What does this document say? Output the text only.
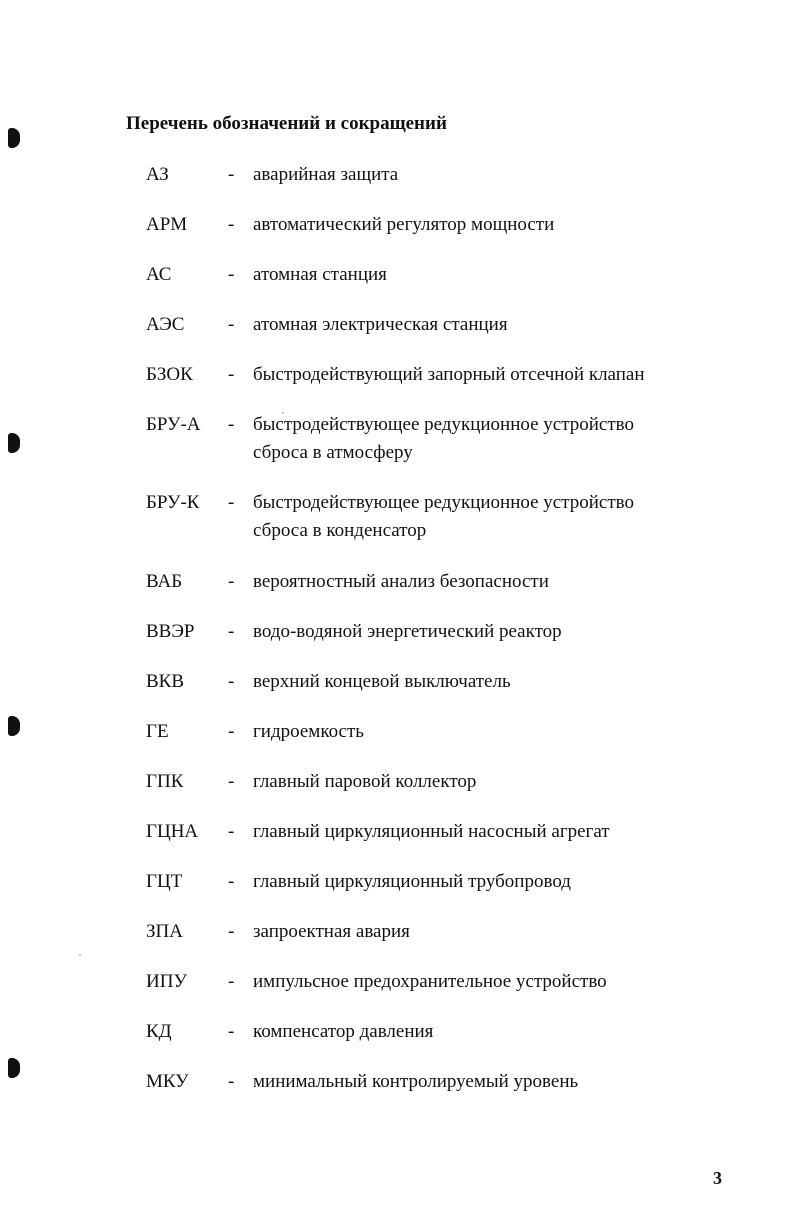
Перечень обозначений и сокращений
АЗ	- аварийная защита
АРМ - автоматический регулятор мощности
АС	- атомная станция
АЭС - атомная электрическая станция
БЗОК - быстродействующий запорный отсечной клапан
БРУ-А - быстродействующее редукционное устройство
сброса в атмосферу
БРУ-К - быстродействующее редукционное устройство
сброса в конденсатор
ВАБ - вероятностный анализ безопасности
ВВЭР - водо-водяной энергетический реактор
ВКВ - верхний концевой выключатель
ГЕ	- гидроемкость
ГПК - главный паровой коллектор
ГЦНА - главный циркуляционный насосный агрегат
ГЦТ - главный циркуляционный трубопровод
ЗПА - запроектная авария
ИПУ - импульсное предохранительное устройство
КД	- компенсатор давления
МКУ - минимальный контролируемый уровень
3
